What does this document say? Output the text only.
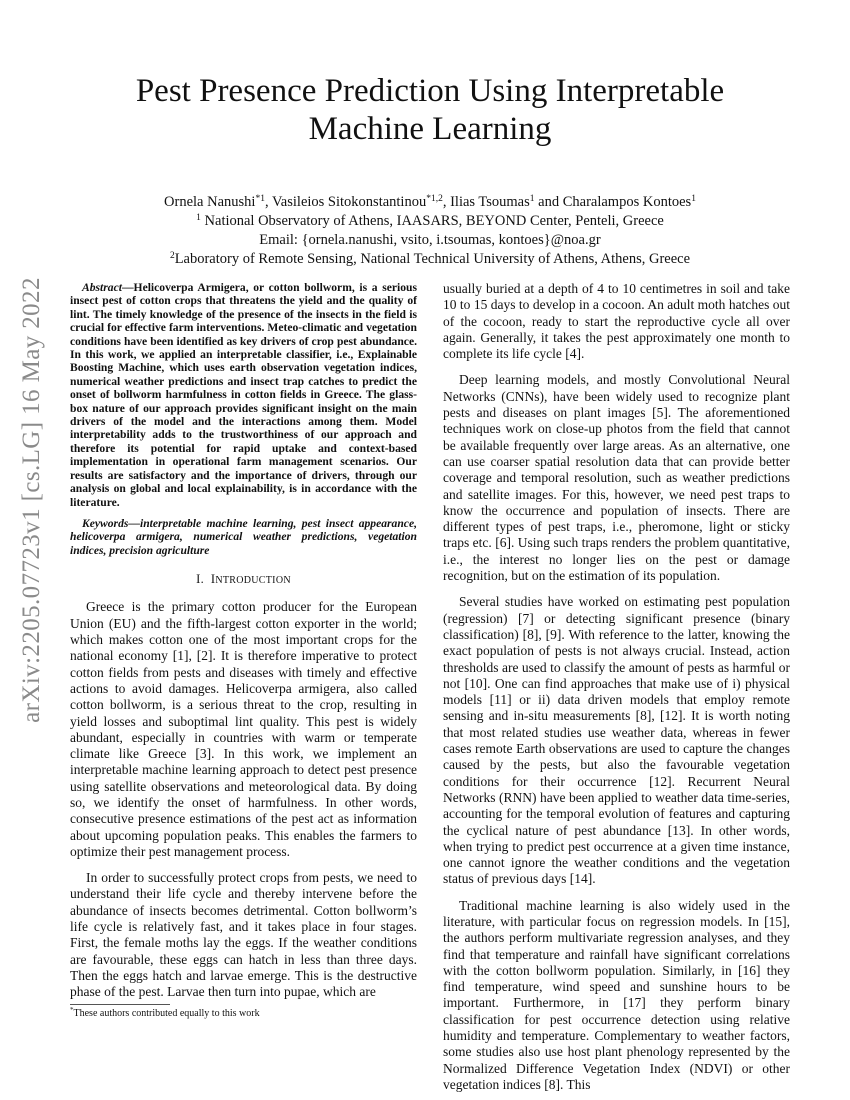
arXiv:2205.07723v1 [cs.LG] 16 May 2022
Pest Presence Prediction Using Interpretable
Machine Learning
Ornela Nanushi$^{*1}$, Vasileios Sitokonstantinou$^{*1,2}$, Ilias Tsoumas$^1$ and Charalampos Kontoes$^1$
$^1$ National Observatory of Athens, IAASARS, BEYOND Center, Penteli, Greece
Email: {ornela.nanushi, vsito, i.tsoumas, kontoes}@noa.gr
$^2$Laboratory of Remote Sensing, National Technical University of Athens, Athens, Greece
Abstract—Helicoverpa Armigera, or cotton bollworm, is a serious insect pest of cotton crops that threatens the yield and the quality of lint. The timely knowledge of the presence of the insects in the field is crucial for effective farm interventions. Meteo-climatic and vegetation conditions have been identified as key drivers of crop pest abundance. In this work, we applied an interpretable classifier, i.e., Explainable Boosting Machine, which uses earth observation vegetation indices, numerical weather predictions and insect trap catches to predict the onset of bollworm harmfulness in cotton fields in Greece. The glass-box nature of our approach provides significant insight on the main drivers of the model and the interactions among them. Model interpretability adds to the trustworthiness of our approach and therefore its potential for rapid uptake and context-based implementation in operational farm management scenarios. Our results are satisfactory and the importance of drivers, through our analysis on global and local explainability, is in accordance with the literature.
Keywords—interpretable machine learning, pest insect appearance, helicoverpa armigera, numerical weather predictions, vegetation indices, precision agriculture
I. INTRODUCTION

Greece is the primary cotton producer for the European Union (EU) and the fifth-largest cotton exporter in the world; which makes cotton one of the most important crops for the national economy [1], [2]. It is therefore imperative to protect cotton fields from pests and diseases with timely and effective actions to avoid damages. Helicoverpa armigera, also called cotton bollworm, is a serious threat to the crop, resulting in yield losses and suboptimal lint quality. This pest is widely abundant, especially in countries with warm or temperate climate like Greece [3]. In this work, we implement an interpretable machine learning approach to detect pest presence using satellite observations and meteorological data. By doing so, we identify the onset of harmfulness. In other words, consecutive presence estimations of the pest act as information about upcoming population peaks. This enables the farmers to optimize their pest management process.

In order to successfully protect crops from pests, we need to understand their life cycle and thereby intervene before the abundance of insects becomes detrimental. Cotton bollworm’s life cycle is relatively fast, and it takes place in four stages. First, the female moths lay the eggs. If the weather conditions are favourable, these eggs can hatch in less than three days. Then the eggs hatch and larvae emerge. This is the destructive phase of the pest. Larvae then turn into pupae, which are

usually buried at a depth of 4 to 10 centimetres in soil and take 10 to 15 days to develop in a cocoon. An adult moth hatches out of the cocoon, ready to start the reproductive cycle all over again. Generally, it takes the pest approximately one month to complete its life cycle [4].

Deep learning models, and mostly Convolutional Neural Networks (CNNs), have been widely used to recognize plant pests and diseases on plant images [5]. The aforementioned techniques work on close-up photos from the field that cannot be available frequently over large areas. As an alternative, one can use coarser spatial resolution data that can provide better coverage and temporal resolution, such as weather predictions and satellite images. For this, however, we need pest traps to know the occurrence and population of insects. There are different types of pest traps, i.e., pheromone, light or sticky traps etc. [6]. Using such traps renders the problem quantitative, i.e., the interest no longer lies on the pest or damage recognition, but on the estimation of its population.

Several studies have worked on estimating pest population (regression) [7] or detecting significant presence (binary classification) [8], [9]. With reference to the latter, knowing the exact population of pests is not always crucial. Instead, action thresholds are used to classify the amount of pests as harmful or not [10]. One can find approaches that make use of i) physical models [11] or ii) data driven models that employ remote sensing and in-situ measurements [8], [12]. It is worth noting that most related studies use weather data, whereas in fewer cases remote Earth observations are used to capture the changes caused by the pests, but also the favourable vegetation conditions for their occurrence [12]. Recurrent Neural Networks (RNN) have been applied to weather data time-series, accounting for the temporal evolution of features and capturing the cyclical nature of pest abundance [13]. In other words, when trying to predict pest occurrence at a given time instance, one cannot ignore the weather conditions and the vegetation status of previous days [14].

Traditional machine learning is also widely used in the literature, with particular focus on regression models. In [15], the authors perform multivariate regression analyses, and they find that temperature and rainfall have significant correlations with the cotton bollworm population. Similarly, in [16] they find temperature, wind speed and sunshine hours to be important. Furthermore, in [17] they perform binary classification for pest occurrence detection using relative humidity and temperature. Complementary to weather factors, some studies also use host plant phenology represented by the Normalized Difference Vegetation Index (NDVI) or other vegetation indices [8]. This

*These authors contributed equally to this work
